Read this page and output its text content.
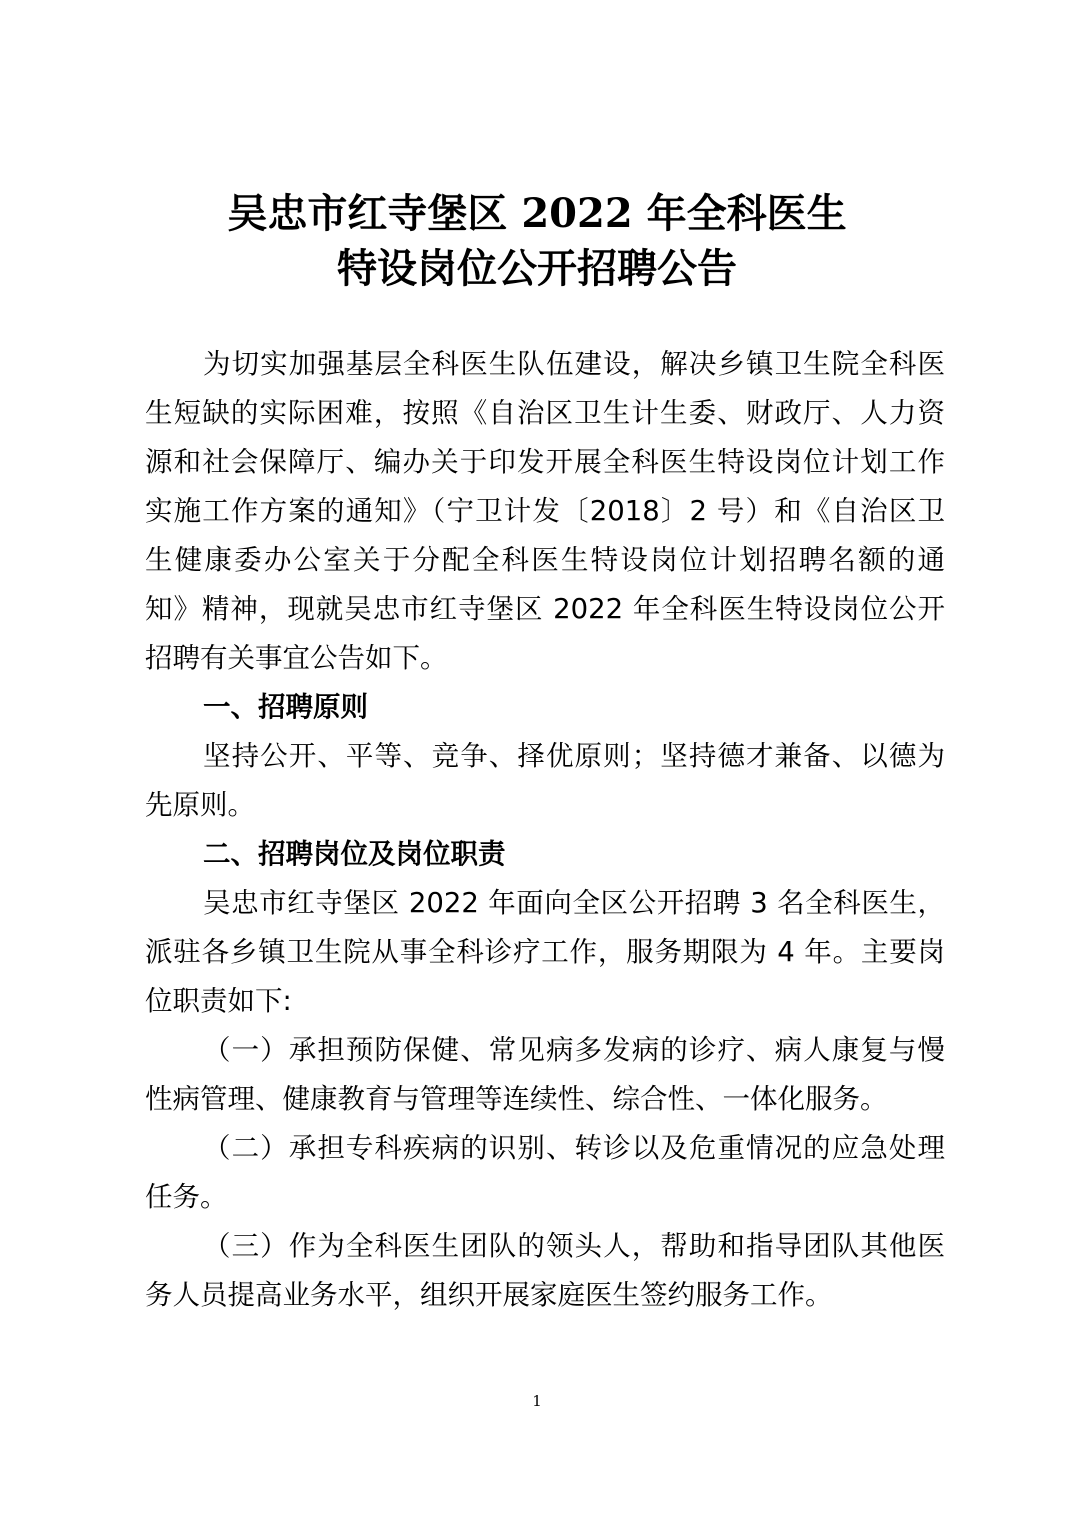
吴忠市红寺堡区 2022 年全科医生
特设岗位公开招聘公告

为切实加强基层全科医生队伍建设，解决乡镇卫生院全科医

生短缺的实际困难，按照《自治区卫生计生委、财政厅、人力资

源和社会保障厅、编办关于印发开展全科医生特设岗位计划工作

实施工作方案的通知》（宁卫计发〔2018〕2 号）和《自治区卫

生健康委办公室关于分配全科医生特设岗位计划招聘名额的通

知》精神，现就吴忠市红寺堡区 2022 年全科医生特设岗位公开

招聘有关事宜公告如下。

一、招聘原则

坚持公开、平等、竞争、择优原则；坚持德才兼备、以德为

先原则。

二、招聘岗位及岗位职责

吴忠市红寺堡区 2022 年面向全区公开招聘 3 名全科医生，

派驻各乡镇卫生院从事全科诊疗工作，服务期限为 4 年。主要岗

位职责如下:

（一）承担预防保健、常见病多发病的诊疗、病人康复与慢

性病管理、健康教育与管理等连续性、综合性、一体化服务。

（二）承担专科疾病的识别、转诊以及危重情况的应急处理

任务。

（三）作为全科医生团队的领头人，帮助和指导团队其他医

务人员提高业务水平，组织开展家庭医生签约服务工作。

1
